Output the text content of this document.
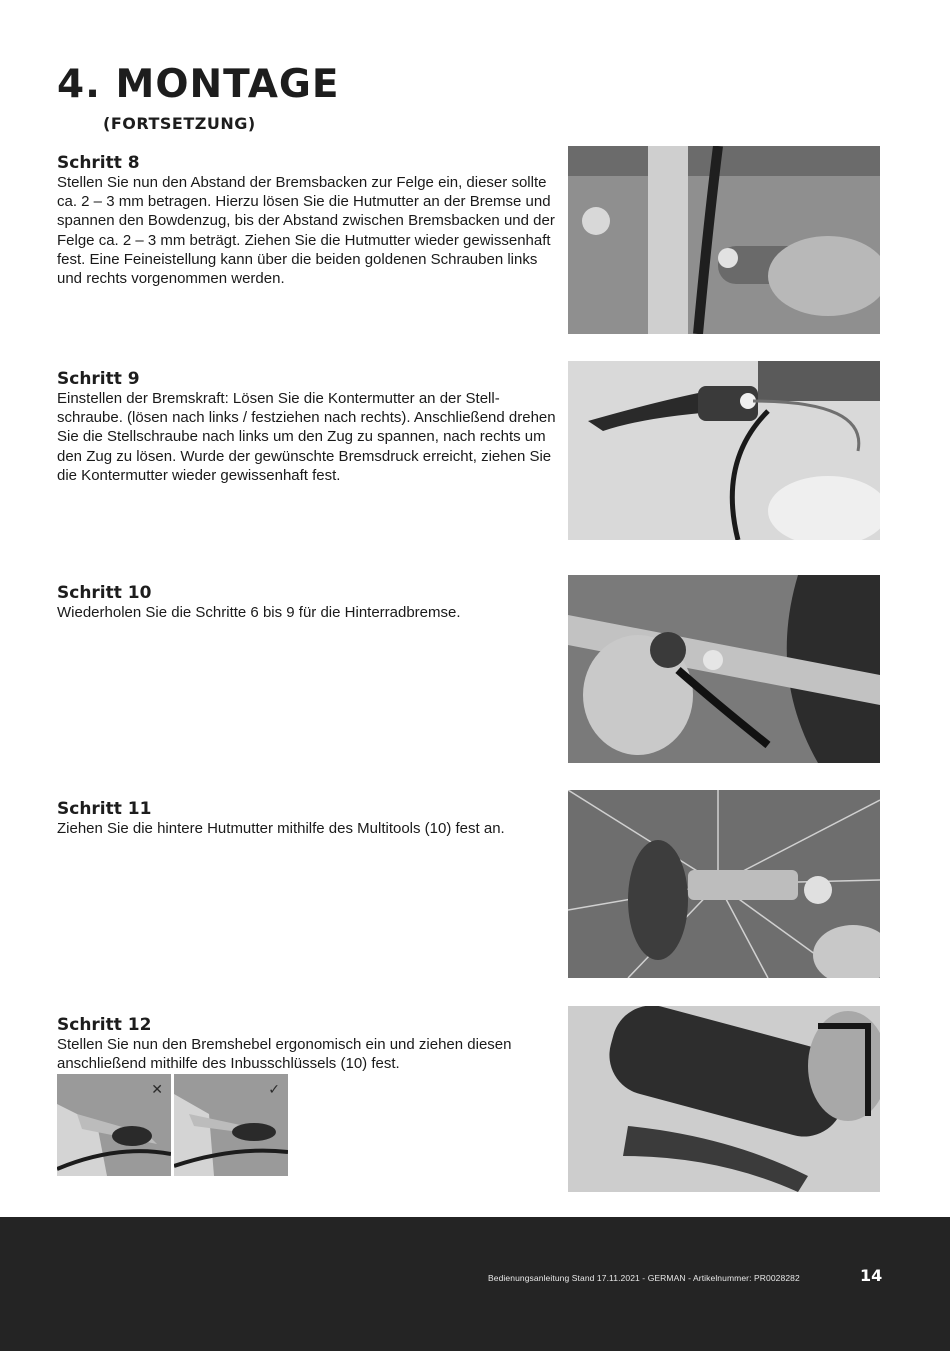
4. MONTAGE
(FORTSETZUNG)
Schritt 8

Stellen Sie nun den Abstand der Bremsbacken zur Felge ein, dieser sollte ca. 2 – 3 mm betragen. Hierzu lösen Sie die Hutmutter an der Bremse und spannen den Bowdenzug, bis der Abstand zwischen Bremsbacken und der Felge ca. 2 – 3 mm beträgt. Ziehen Sie die Hutmutter wieder gewissenhaft fest. Eine Feineistellung kann über die beiden goldenen Schrauben links und rechts vorgenommen werden.

Schritt 9

Einstellen der Bremskraft: Lösen Sie die Kontermutter an der Stell-schraube. (lösen nach links / festziehen nach rechts). Anschließend drehen Sie die Stellschraube nach links um den Zug zu spannen, nach rechts um den Zug zu lösen. Wurde der gewünschte Bremsdruck erreicht, ziehen Sie die Kontermutter wieder gewissenhaft fest.

Schritt 10

Wiederholen Sie die Schritte 6 bis 9 für die Hinterradbremse.

Schritt 11

Ziehen Sie die hintere Hutmutter mithilfe des Multitools (10) fest an.

Schritt 12

Stellen Sie nun den Bremshebel ergonomisch ein und ziehen diesen anschließend mithilfe des Inbusschlüssels (10) fest.

✕	✓
Bedienungsanleitung Stand 17.11.2021 - GERMAN - Artikelnummer: PR0028282	14
